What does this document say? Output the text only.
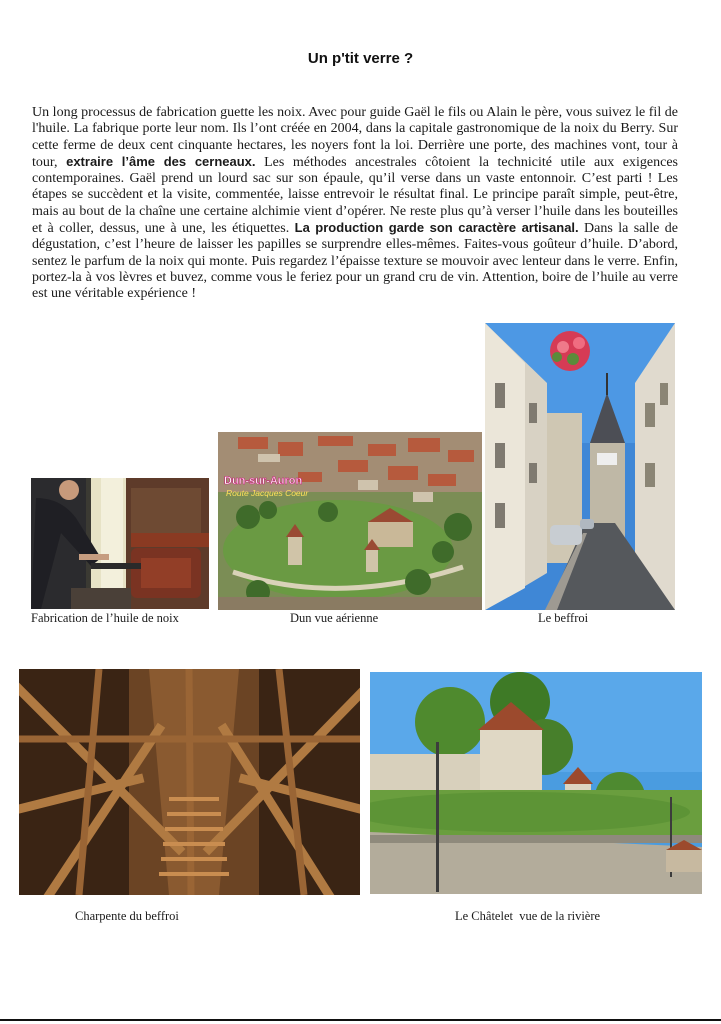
Un p'tit verre ?
Un long processus de fabrication guette les noix. Avec pour guide Gaël le fils ou Alain le père, vous suivez le fil de l'huile. La fabrique porte leur nom. Ils l’ont créée en 2004, dans la capitale gastronomique de la noix du Berry. Sur cette ferme de deux cent cinquante hectares, les noyers font la loi. Derrière une porte, des machines vont, tour à tour, extraire l’âme des cerneaux. Les méthodes ancestrales côtoient la technicité utile aux exigences contemporaines. Gaël prend un lourd sac sur son épaule, qu’il verse dans un vaste entonnoir. C’est parti ! Les étapes se succèdent et la visite, commentée, laisse entrevoir le résultat final. Le principe paraît simple, peut-être, mais au bout de la chaîne une certaine alchimie vient d’opérer. Ne reste plus qu’à verser l’huile dans les bouteilles et à coller, dessus, une à une, les étiquettes. La production garde son caractère artisanal. Dans la salle de dégustation, c’est l’heure de laisser les papilles se surprendre elles-mêmes. Faites-vous goûteur d’huile. D’abord, sentez le parfum de la noix qui monte. Puis regardez l’épaisse texture se mouvoir avec lenteur dans le verre. Enfin, portez-la à vos lèvres et buvez, comme vous le feriez pour un grand cru de vin. Attention, boire de l’huile au verre est une véritable expérience !
Fabrication de l’huile de noix
Dun-sur-Auron
Route Jacques Coeur
Dun vue aérienne	Le beffroi
Charpente du beffroi	Le Châtelet  vue de la rivière
